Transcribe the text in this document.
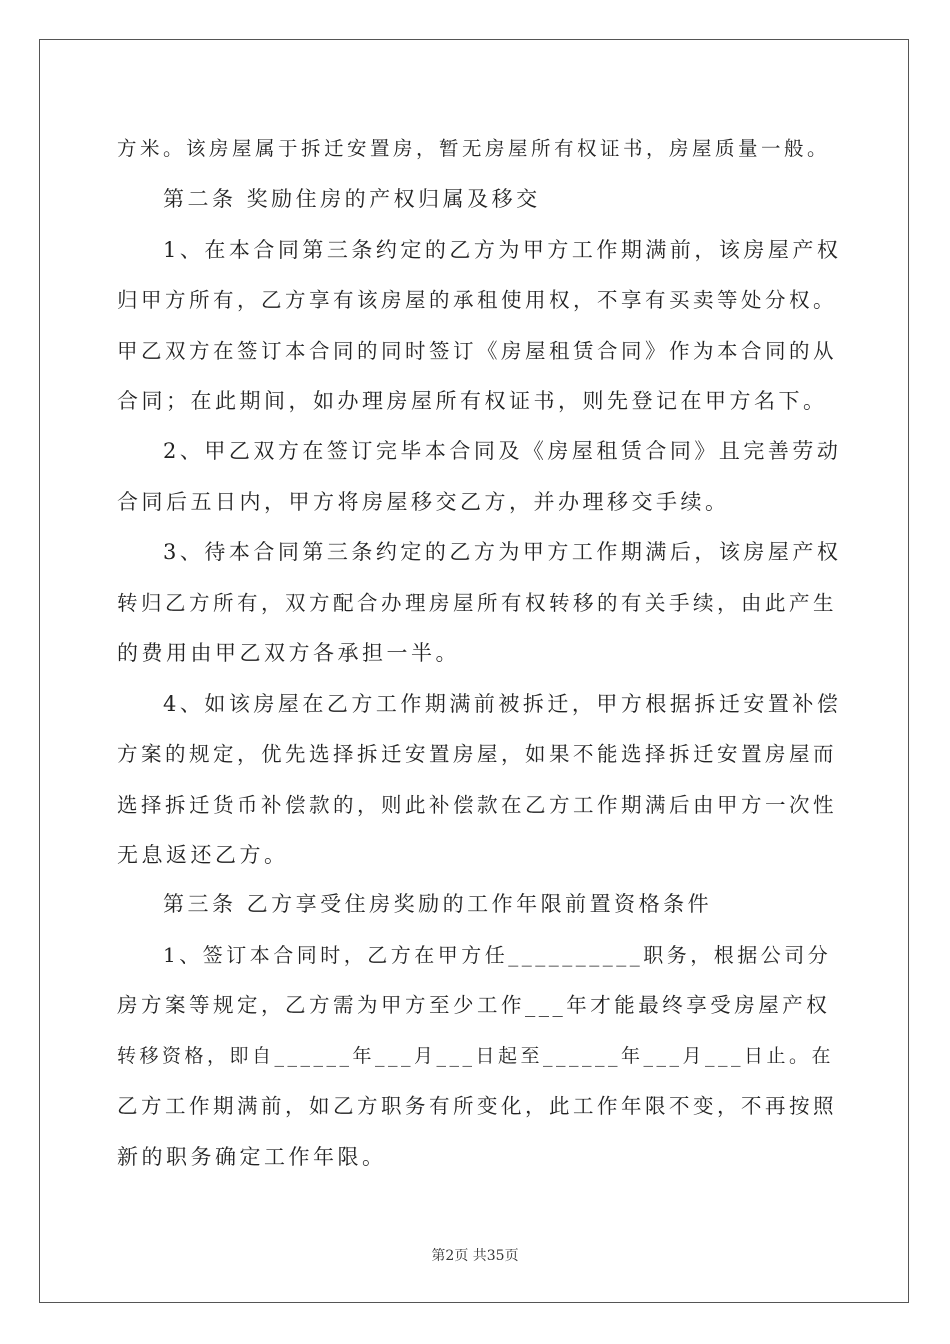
方米。该房屋属于拆迁安置房，暂无房屋所有权证书，房屋质量一般。
第二条 奖励住房的产权归属及移交
1、在本合同第三条约定的乙方为甲方工作期满前，该房屋产权
归甲方所有，乙方享有该房屋的承租使用权，不享有买卖等处分权。
甲乙双方在签订本合同的同时签订《房屋租赁合同》作为本合同的从
合同；在此期间，如办理房屋所有权证书，则先登记在甲方名下。
2、甲乙双方在签订完毕本合同及《房屋租赁合同》且完善劳动
合同后五日内，甲方将房屋移交乙方，并办理移交手续。
3、待本合同第三条约定的乙方为甲方工作期满后，该房屋产权
转归乙方所有，双方配合办理房屋所有权转移的有关手续，由此产生
的费用由甲乙双方各承担一半。
4、如该房屋在乙方工作期满前被拆迁，甲方根据拆迁安置补偿
方案的规定，优先选择拆迁安置房屋，如果不能选择拆迁安置房屋而
选择拆迁货币补偿款的，则此补偿款在乙方工作期满后由甲方一次性
无息返还乙方。
第三条 乙方享受住房奖励的工作年限前置资格条件
1、签订本合同时，乙方在甲方任__________职务，根据公司分
房方案等规定，乙方需为甲方至少工作___年才能最终享受房屋产权
转移资格，即自______年___月___日起至______年___月___日止。在
乙方工作期满前，如乙方职务有所变化，此工作年限不变，不再按照
新的职务确定工作年限。
第2页 共35页
